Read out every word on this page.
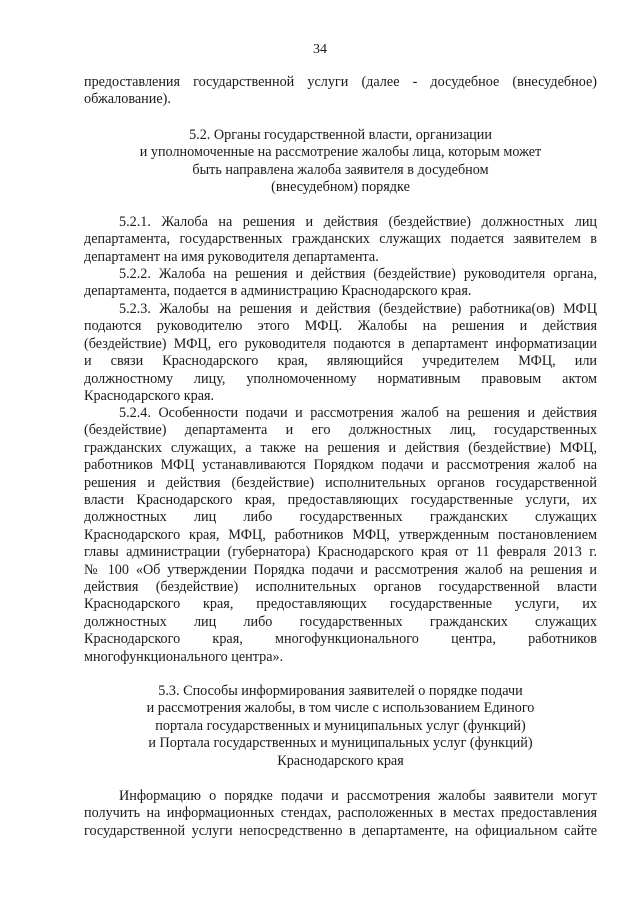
34

предоставления государственной услуги (далее - досудебное (внесудебное)

обжалование).

5.2. Органы государственной власти, организации
и уполномоченные на рассмотрение жалобы лица, которым может
быть направлена жалоба заявителя в досудебном
(внесудебном) порядке

5.2.1. Жалоба на решения и действия (бездействие) должностных лиц

департамента, государственных гражданских служащих подается заявителем в

департамент на имя руководителя департамента.

5.2.2. Жалоба на решения и действия (бездействие) руководителя органа,

департамента, подается в администрацию Краснодарского края.

5.2.3. Жалобы на решения и действия (бездействие) работника(ов) МФЦ

подаются руководителю этого МФЦ. Жалобы на решения и действия

(бездействие) МФЦ, его руководителя подаются в департамент информатизации

и связи Краснодарского края, являющийся учредителем МФЦ, или

должностному лицу, уполномоченному нормативным правовым актом

Краснодарского края.

5.2.4. Особенности подачи и рассмотрения жалоб на решения и действия

(бездействие) департамента и его должностных лиц, государственных

гражданских служащих, а также на решения и действия (бездействие) МФЦ,

работников МФЦ устанавливаются Порядком подачи и рассмотрения жалоб на

решения и действия (бездействие) исполнительных органов государственной

власти Краснодарского края, предоставляющих государственные услуги, их

должностных лиц либо государственных гражданских служащих

Краснодарского края, МФЦ, работников МФЦ, утвержденным постановлением

главы администрации (губернатора) Краснодарского края от 11 февраля 2013 г.

№ 100 «Об утверждении Порядка подачи и рассмотрения жалоб на решения и

действия (бездействие) исполнительных органов государственной власти

Краснодарского края, предоставляющих государственные услуги, их

должностных лиц либо государственных гражданских служащих

Краснодарского края, многофункционального центра, работников

многофункционального центра».

5.3. Способы информирования заявителей о порядке подачи
и рассмотрения жалобы, в том числе с использованием Единого
портала государственных и муниципальных услуг (функций)
и Портала государственных и муниципальных услуг (функций)
Краснодарского края

Информацию о порядке подачи и рассмотрения жалобы заявители могут

получить на информационных стендах, расположенных в местах предоставления

государственной услуги непосредственно в департаменте, на официальном сайте
